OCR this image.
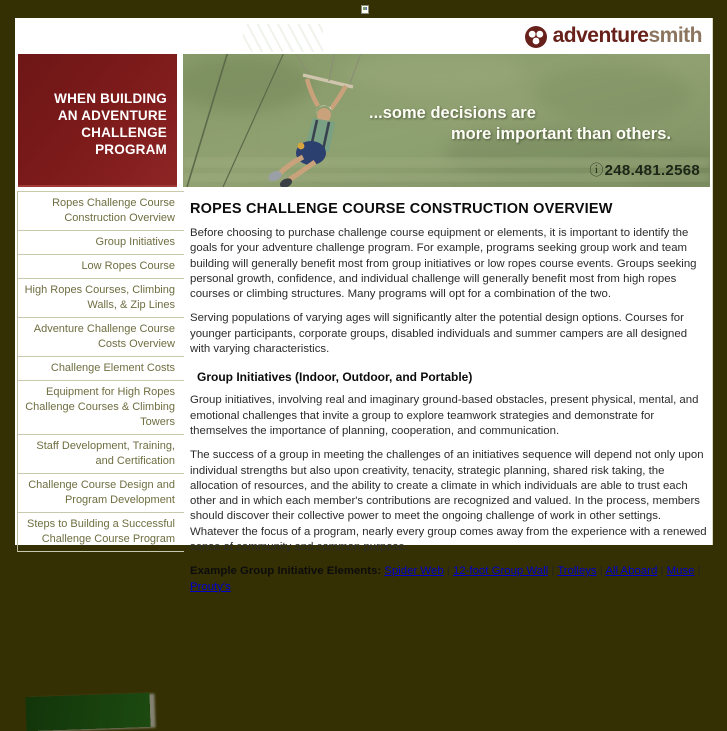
adventuresmith
WHEN BUILDING
AN ADVENTURE
CHALLENGE
PROGRAM
...some decisions are
more important than others.
ⓘ248.481.2568
Ropes Challenge Course Construction Overview
Group Initiatives
Low Ropes Course
High Ropes Courses, Climbing Walls, & Zip Lines
Adventure Challenge Course Costs Overview
Challenge Element Costs
Equipment for High Ropes Challenge Courses & Climbing Towers
Staff Development, Training, and Certification
Challenge Course Design and Program Development
Steps to Building a Successful Challenge Course Program
ROPES CHALLENGE COURSE CONSTRUCTION OVERVIEW

Before choosing to purchase challenge course equipment or elements, it is important to identify the goals for your adventure challenge program. For example, programs seeking group work and team building will generally benefit most from group initiatives or low ropes course events. Groups seeking personal growth, confidence, and individual challenge will generally benefit most from high ropes courses or climbing structures. Many programs will opt for a combination of the two.

Serving populations of varying ages will significantly alter the potential design options. Courses for younger participants, corporate groups, disabled individuals and summer campers are all designed with varying characteristics.

Group Initiatives (Indoor, Outdoor, and Portable)

Group initiatives, involving real and imaginary ground-based obstacles, present physical, mental, and emotional challenges that invite a group to explore teamwork strategies and demonstrate for themselves the importance of planning, cooperation, and communication.

The success of a group in meeting the challenges of an initiatives sequence will depend not only upon individual strengths but also upon creativity, tenacity, strategic planning, shared risk taking, the allocation of resources, and the ability to create a climate in which individuals are able to trust each other and in which each member's contributions are recognized and valued. In the process, members should discover their collective power to meet the ongoing challenge of work in other settings. Whatever the focus of a program, nearly every group comes away from the experience with a renewed sense of community and common purpose.

Example Group Initiative Elements: Spider Web | 12-foot Group Wall | Trolleys | All Aboard | Muse| Prouty's
